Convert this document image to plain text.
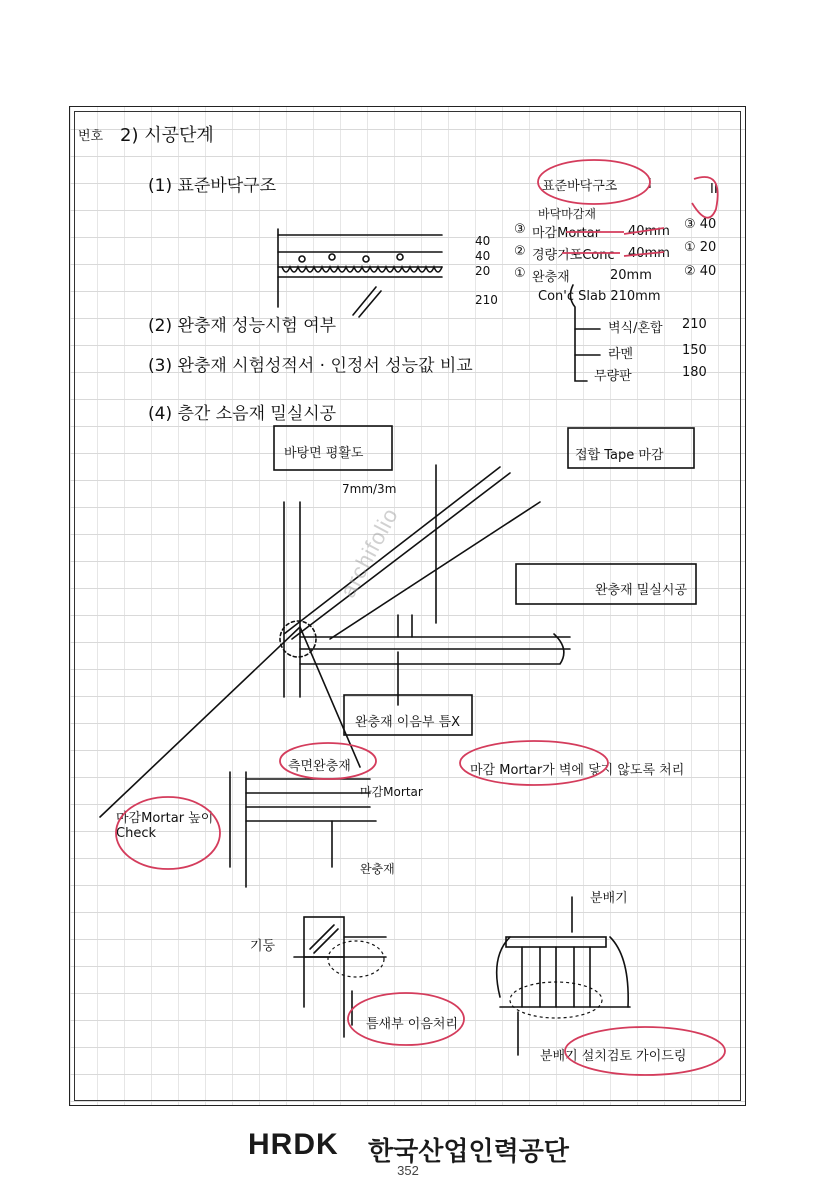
번호 2) 시공단계
(1) 표준바닥구조
(2) 완충재 성능시험 여부
(3) 완충재 시험성적서 · 인정서 성능값 비교
(4) 층간 소음재 밀실시공
40
40
20
210
표준바닥구조 I	II
바닥마감재
③ 마감Mortar 40mm ③ 40
② 경량기포Conc 40mm ① 20
① 완충재	20mm ② 40
Con'c Slab 210mm
벽식/혼합 210
라멘	150
무량판	180
바탕면 평활도
7mm/3m
접합 Tape 마감
완충재 밀실시공
완충재 이음부 틈X
측면완충재
마감Mortar
완충재
마감Mortar 높이 Check
마감 Mortar가 벽에 닿지 않도록 처리
기둥
틈새부 이음처리
분배기
분배기 설치검토 가이드링
archifolio
HRDK 한국산업인력공단
352
